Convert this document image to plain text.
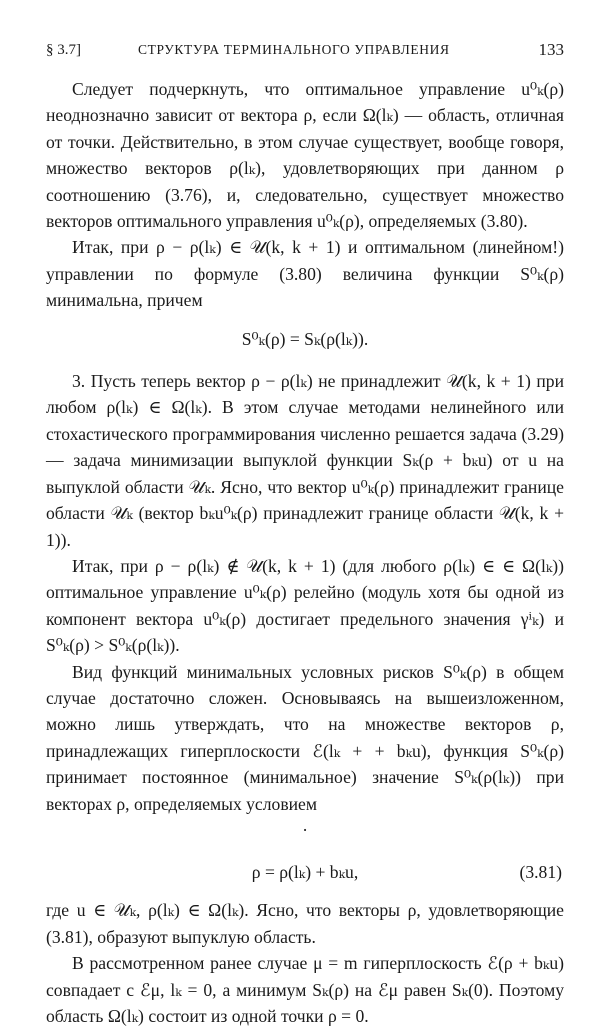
§ 3.7]	СТРУКТУРА ТЕРМИНАЛЬНОГО УПРАВЛЕНИЯ	133

Следует подчеркнуть, что оптимальное управление u⁰ₖ(ρ) неоднозначно зависит от вектора ρ, если Ω(lₖ) — область, отличная от точки. Действительно, в этом случае существует, вообще говоря, множество векторов ρ(lₖ), удовлетворяющих при данном ρ соотношению (3.76), и, следовательно, существует множество векторов оптимального управления u⁰ₖ(ρ), определяемых (3.80).

Итак, при ρ − ρ(lₖ) ∈ 𝒰(k, k + 1) и оптимальном (линейном!) управлении по формуле (3.80) величина функции S⁰ₖ(ρ) минимальна, причем

S⁰ₖ(ρ) = Sₖ(ρ(lₖ)).

3. Пусть теперь вектор ρ − ρ(lₖ) не принадлежит 𝒰(k, k + 1) при любом ρ(lₖ) ∈ Ω(lₖ). В этом случае методами нелинейного или стохастического программирования численно решается задача (3.29) — задача минимизации выпуклой функции Sₖ(ρ + bₖu) от u на выпуклой области 𝒰ₖ. Ясно, что вектор u⁰ₖ(ρ) принадлежит границе области 𝒰ₖ (вектор bₖu⁰ₖ(ρ) принадлежит границе области 𝒰(k, k + 1)).

Итак, при ρ − ρ(lₖ) ∉ 𝒰(k, k + 1) (для любого ρ(lₖ) ∈ ∈ Ω(lₖ)) оптимальное управление u⁰ₖ(ρ) релейно (модуль хотя бы одной из компонент вектора u⁰ₖ(ρ) достигает предельного значения γⁱₖ) и S⁰ₖ(ρ) > S⁰ₖ(ρ(lₖ)).

Вид функций минимальных условных рисков S⁰ₖ(ρ) в общем случае достаточно сложен. Основываясь на вышеизложенном, можно лишь утверждать, что на множестве векторов ρ, принадлежащих гиперплоскости ℰ(lₖ + + bₖu), функция S⁰ₖ(ρ) принимает постоянное (минимальное) значение S⁰ₖ(ρ(lₖ)) при векторах ρ, определяемых условием

·
ρ = ρ(lₖ) + bₖu,	(3.81)

где u ∈ 𝒰ₖ, ρ(lₖ) ∈ Ω(lₖ). Ясно, что векторы ρ, удовлетворяющие (3.81), образуют выпуклую область.

В рассмотренном ранее случае μ = m гиперплоскость ℰ(ρ + bₖu) совпадает с ℰμ, lₖ = 0, а минимум Sₖ(ρ) на ℰμ равен Sₖ(0). Поэтому область Ω(lₖ) состоит из одной точки ρ = 0.
